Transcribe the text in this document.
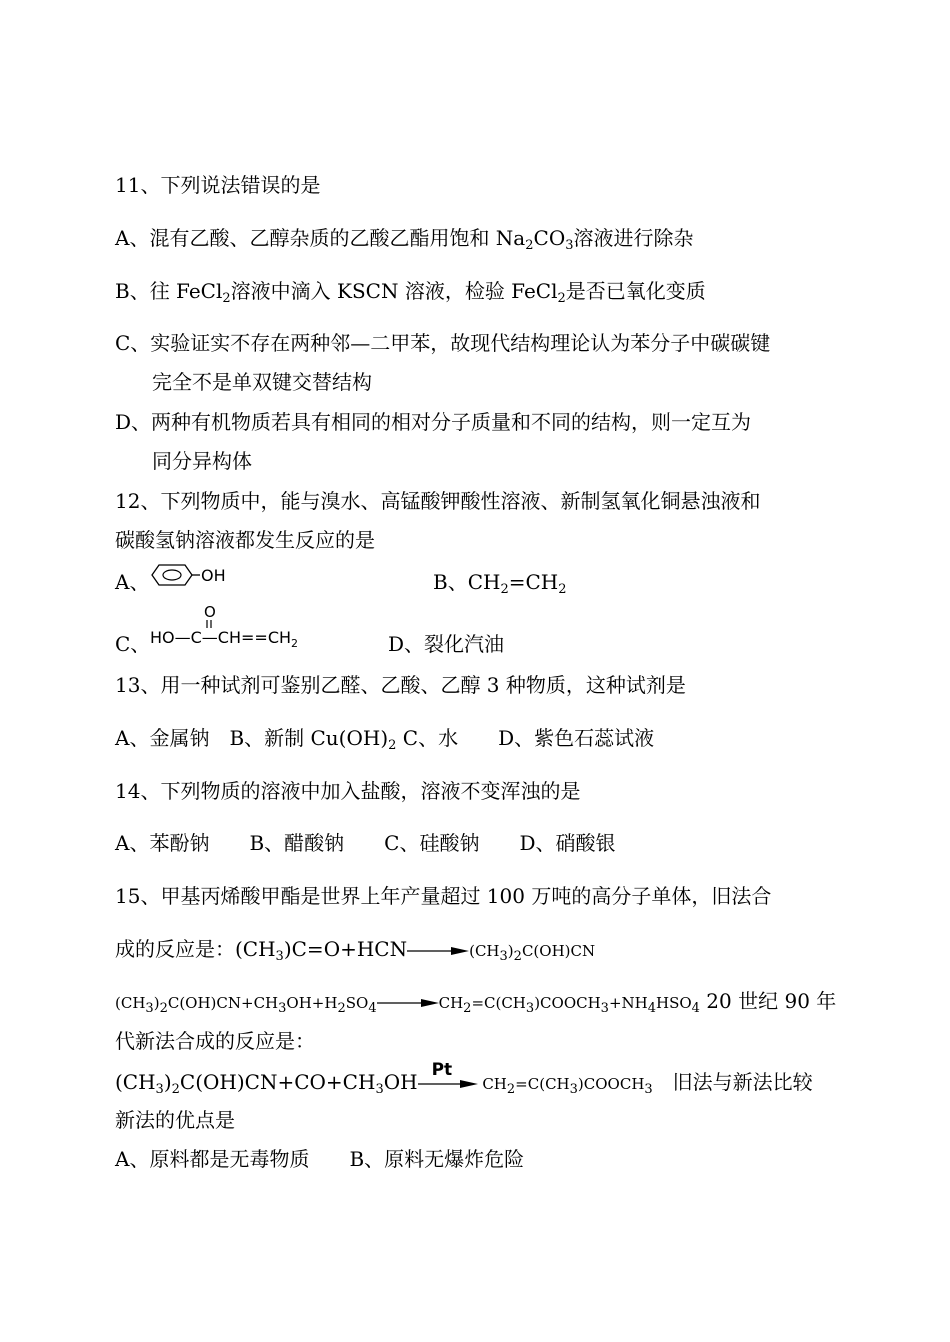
11、下列说法错误的是
A、混有乙酸、乙醇杂质的乙酸乙酯用饱和 $Na_2CO_3$溶液进行除杂
B、往 FeCl$_2$溶液中滴入 KSCN 溶液，检验 FeCl$_2$是否已氧化变质
C、实验证实不存在两种邻—二甲苯，故现代结构理论认为苯分子中碳碳键
完全不是单双键交替结构
D、两种有机物质若具有相同的相对分子质量和不同的结构，则一定互为
同分异构体
12、下列物质中，能与溴水、高锰酸钾酸性溶液、新制氢氧化铜悬浊液和
碳酸氢钠溶液都发生反应的是
A、	OH	B、$CH_2=CH_2$
C、
O
$HO—C—CH==CH_2$	D、裂化汽油
13、用一种试剂可鉴别乙醛、乙酸、乙醇 3 种物质，这种试剂是
A、金属钠　B、新制 $Cu(OH)_2$ C、水　　D、紫色石蕊试液
14、下列物质的溶液中加入盐酸，溶液不变浑浊的是
A、苯酚钠　　B、醋酸钠　　C、硅酸钠　　D、硝酸银
15、甲基丙烯酸甲酯是世界上年产量超过 100 万吨的高分子单体，旧法合
成的反应是：$(CH_3)C=O+HCN\to(CH_3)_2C(OH)CN$
$(CH_3)_2C(OH)CN+CH_3OH+H_2SO_4\to CH_2=C(CH_3)COOCH_3+NH_4HSO_4$ 20 世纪 90 年
代新法合成的反应是：
$(CH_3)_2C(OH)CN+CO+CH_3OH$
Pt
$CH_2=C(CH_3)COOCH_3$　旧法与新法比较
新法的优点是
A、原料都是无毒物质　　B、原料无爆炸危险
